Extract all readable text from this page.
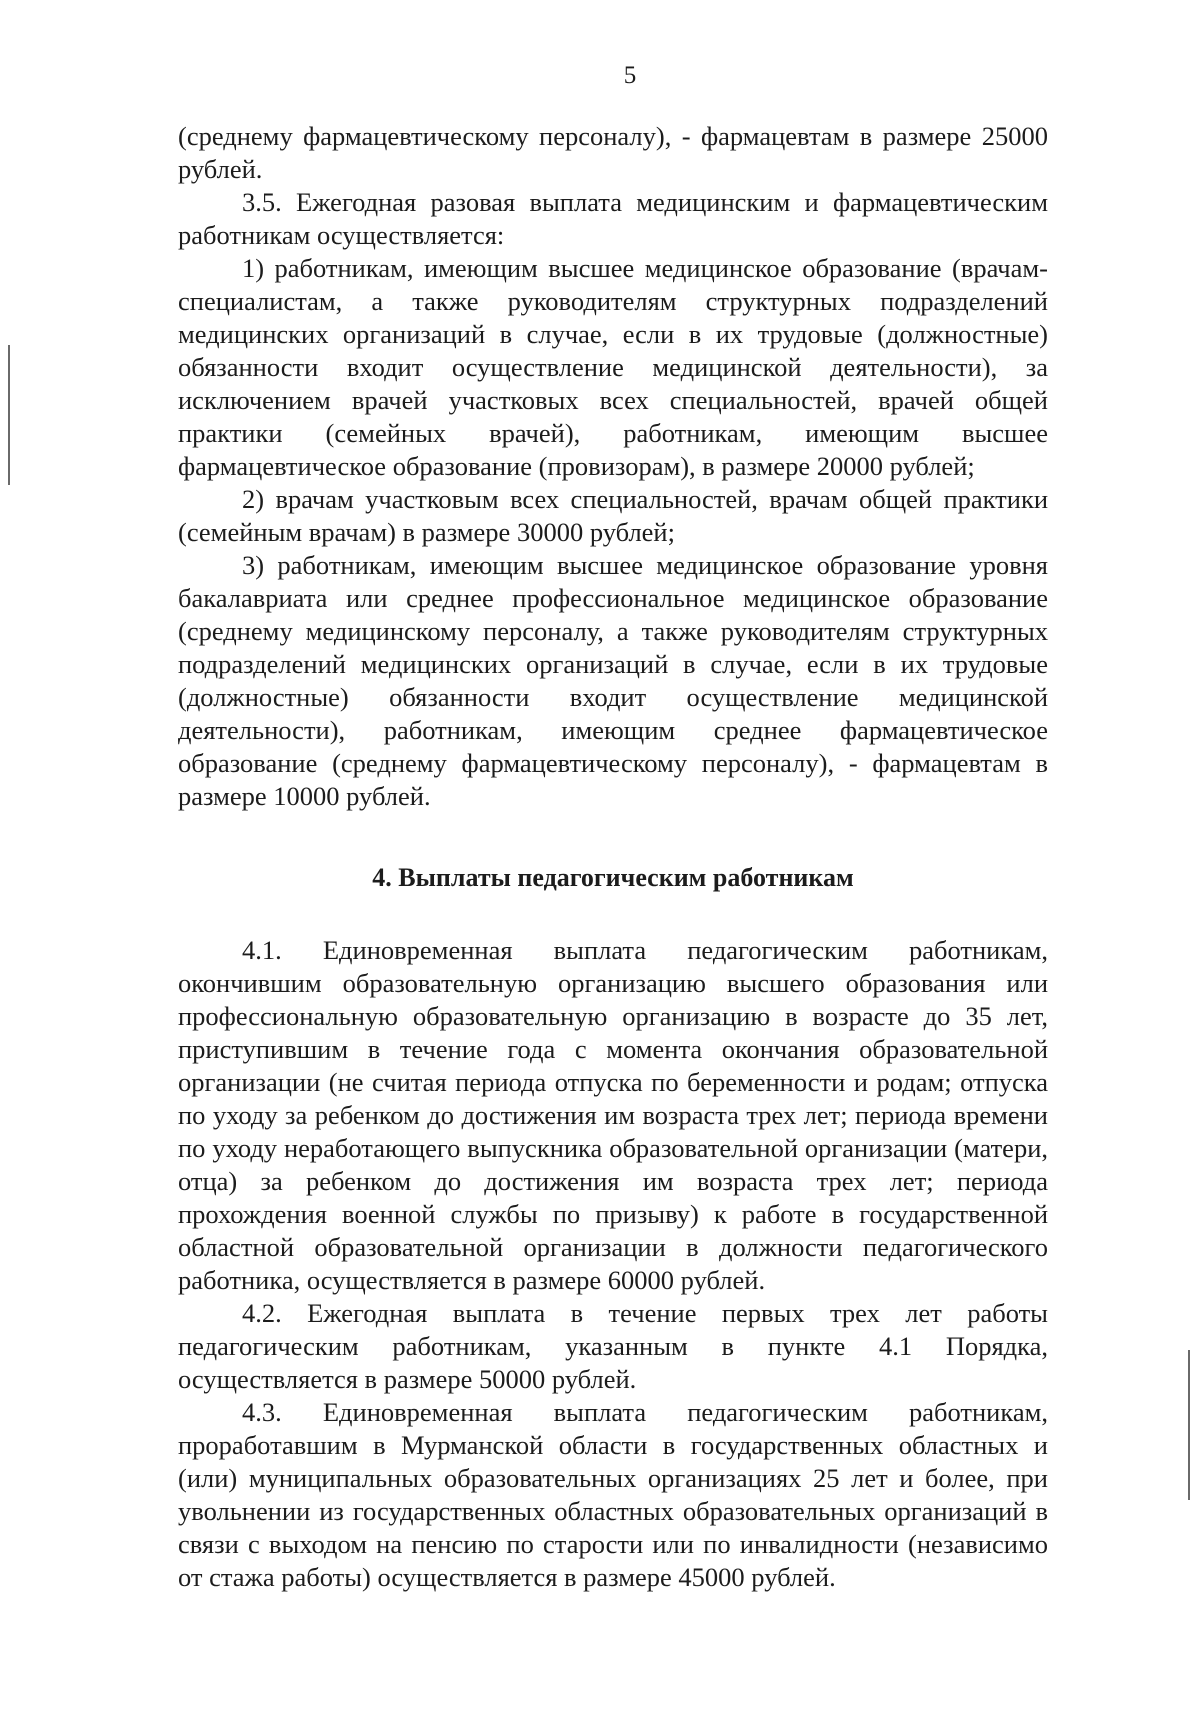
5

(среднему фармацевтическому персоналу), - фармацевтам в размере 25000 рублей.

3.5. Ежегодная разовая выплата медицинским и фармацевтическим работникам осуществляется:

1) работникам, имеющим высшее медицинское образование (врачам-специалистам, а также руководителям структурных подразделений медицинских организаций в случае, если в их трудовые (должностные) обязанности входит осуществление медицинской деятельности), за исключением врачей участковых всех специальностей, врачей общей практики (семейных врачей), работникам, имеющим высшее фармацевтическое образование (провизорам), в размере 20000 рублей;

2) врачам участковым всех специальностей, врачам общей практики (семейным врачам) в размере 30000 рублей;

3) работникам, имеющим высшее медицинское образование уровня бакалавриата или среднее профессиональное медицинское образование (среднему медицинскому персоналу, а также руководителям структурных подразделений медицинских организаций в случае, если в их трудовые (должностные) обязанности входит осуществление медицинской деятельности), работникам, имеющим среднее фармацевтическое образование (среднему фармацевтическому персоналу), - фармацевтам в размере 10000 рублей.

4. Выплаты педагогическим работникам

4.1. Единовременная выплата педагогическим работникам, окончившим образовательную организацию высшего образования или профессиональную образовательную организацию в возрасте до 35 лет, приступившим в течение года с момента окончания образовательной организации (не считая периода отпуска по беременности и родам; отпуска по уходу за ребенком до достижения им возраста трех лет; периода времени по уходу неработающего выпускника образовательной организации (матери, отца) за ребенком до достижения им возраста трех лет; периода прохождения военной службы по призыву) к работе в государственной областной образовательной организации в должности педагогического работника, осуществляется в размере 60000 рублей.

4.2. Ежегодная выплата в течение первых трех лет работы педагогическим работникам, указанным в пункте 4.1 Порядка, осуществляется в размере 50000 рублей.

4.3. Единовременная выплата педагогическим работникам, проработавшим в Мурманской области в государственных областных и (или) муниципальных образовательных организациях 25 лет и более, при увольнении из государственных областных образовательных организаций в связи с выходом на пенсию по старости или по инвалидности (независимо от стажа работы) осуществляется в размере 45000 рублей.
